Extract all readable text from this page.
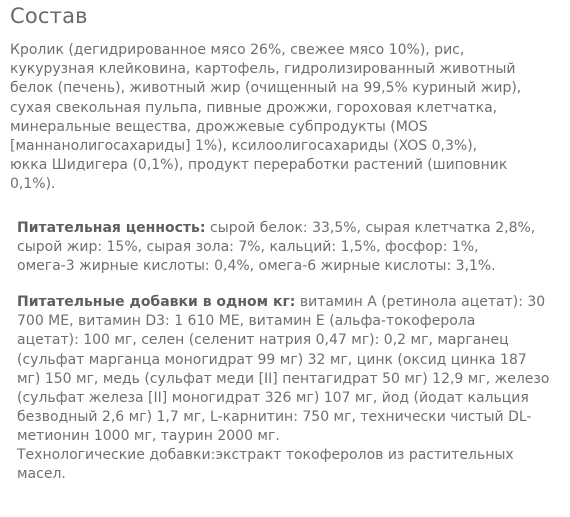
Состав

Кролик (дегидрированное мясо 26%, свежее мясо 10%), рис,
кукурузная клейковина, картофель, гидролизированный животный
белок (печень), животный жир (очищенный на 99,5% куриный жир),
сухая свекольная пульпа, пивные дрожжи, гороховая клетчатка,
минеральные вещества, дрожжевые субпродукты (MOS
[маннанолигосахариды] 1%), ксилоолигосахариды (XOS 0,3%),
юкка Шидигера (0,1%), продукт переработки растений (шиповник
0,1%).

Питательная ценность: сырой белок: 33,5%, сырая клетчатка 2,8%,
сырой жир: 15%, сырая зола: 7%, кальций: 1,5%, фосфор: 1%,
омега-3 жирные кислоты: 0,4%, омега-6 жирные кислоты: 3,1%.

Питательные добавки в одном кг: витамин А (ретинола ацетат): 30
700 МЕ, витамин D3: 1 610 МЕ, витамин Е (альфа-токоферола
ацетат): 100 мг, селен (селенит натрия 0,47 мг): 0,2 мг, марганец
(сульфат марганца моногидрат 99 мг) 32 мг, цинк (оксид цинка 187
мг) 150 мг, медь (сульфат меди [II] пентагидрат 50 мг) 12,9 мг, железо
(сульфат железа [II] моногидрат 326 мг) 107 мг, йод (йодат кальция
безводный 2,6 мг) 1,7 мг, L-карнитин: 750 мг, технически чистый DL-
метионин 1000 мг, таурин 2000 мг.

Технологические добавки:экстракт токоферолов из растительных
масел.
